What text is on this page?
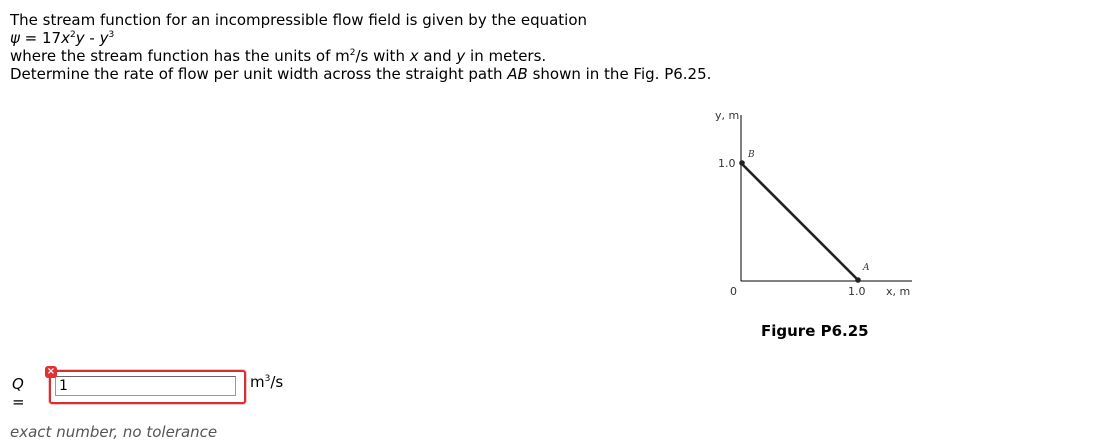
The stream function for an incompressible flow field is given by the equation

$\psi = 17x^2y - y^3$

where the stream function has the units of $m^2/s$ with x and y in meters.

Determine the rate of flow per unit width across the straight path AB shown in the Fig. P6.25.

y, m
1.0
B
A
0	1.0 x, m
Figure P6.25
Q =
1
×
$m^3/s$
exact number, no tolerance
